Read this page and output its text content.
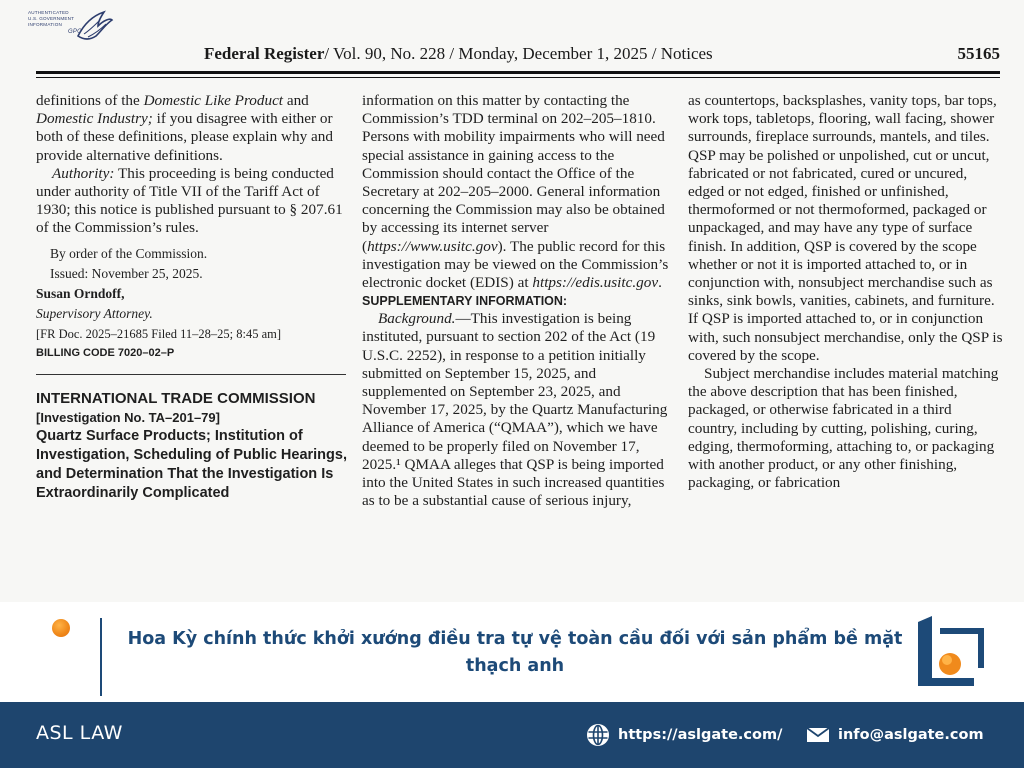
AUTHENTICATED
U.S. GOVERNMENT
INFORMATION
GPO
Federal Register/ Vol. 90, No. 228 / Monday, December 1, 2025 / Notices	55165

definitions of the Domestic Like Product and Domestic Industry; if you disagree with either or both of these definitions, please explain why and provide alternative definitions.

Authority: This proceeding is being conducted under authority of Title VII of the Tariff Act of 1930; this notice is published pursuant to § 207.61 of the Commission’s rules.

By order of the Commission.

Issued: November 25, 2025.

Susan Orndoff,

Supervisory Attorney.

[FR Doc. 2025–21685 Filed 11–28–25; 8:45 am]

BILLING CODE 7020–02–P

INTERNATIONAL TRADE COMMISSION

[Investigation No. TA–201–79]

Quartz Surface Products; Institution of Investigation, Scheduling of Public Hearings, and Determination That the Investigation Is Extraordinarily Complicated

information on this matter by contacting the Commission’s TDD terminal on 202–205–1810. Persons with mobility impairments who will need special assistance in gaining access to the Commission should contact the Office of the Secretary at 202–205–2000. General information concerning the Commission may also be obtained by accessing its internet server (https://www.usitc.gov). The public record for this investigation may be viewed on the Commission’s electronic docket (EDIS) at https://edis.usitc.gov.

SUPPLEMENTARY INFORMATION:

Background.—This investigation is being instituted, pursuant to section 202 of the Act (19 U.S.C. 2252), in response to a petition initially submitted on September 15, 2025, and supplemented on September 23, 2025, and November 17, 2025, by the Quartz Manufacturing Alliance of America (“QMAA”), which we have deemed to be properly filed on November 17, 2025.¹ QMAA alleges that QSP is being imported into the United States in such increased quantities as to be a substantial cause of serious injury,

as countertops, backsplashes, vanity tops, bar tops, work tops, tabletops, flooring, wall facing, shower surrounds, fireplace surrounds, mantels, and tiles. QSP may be polished or unpolished, cut or uncut, fabricated or not fabricated, cured or uncured, edged or not edged, finished or unfinished, thermoformed or not thermoformed, packaged or unpackaged, and may have any type of surface finish. In addition, QSP is covered by the scope whether or not it is imported attached to, or in conjunction with, nonsubject merchandise such as sinks, sink bowls, vanities, cabinets, and furniture. If QSP is imported attached to, or in conjunction with, such nonsubject merchandise, only the QSP is covered by the scope.

Subject merchandise includes material matching the above description that has been finished, packaged, or otherwise fabricated in a third country, including by cutting, polishing, curing, edging, thermoforming, attaching to, or packaging with another product, or any other finishing, packaging, or fabrication

Hoa Kỳ chính thức khởi xướng điều tra tự vệ toàn cầu đối với sản phẩm bề mặt thạch anh
ASL LAW	https://aslgate.com/	info@aslgate.com
